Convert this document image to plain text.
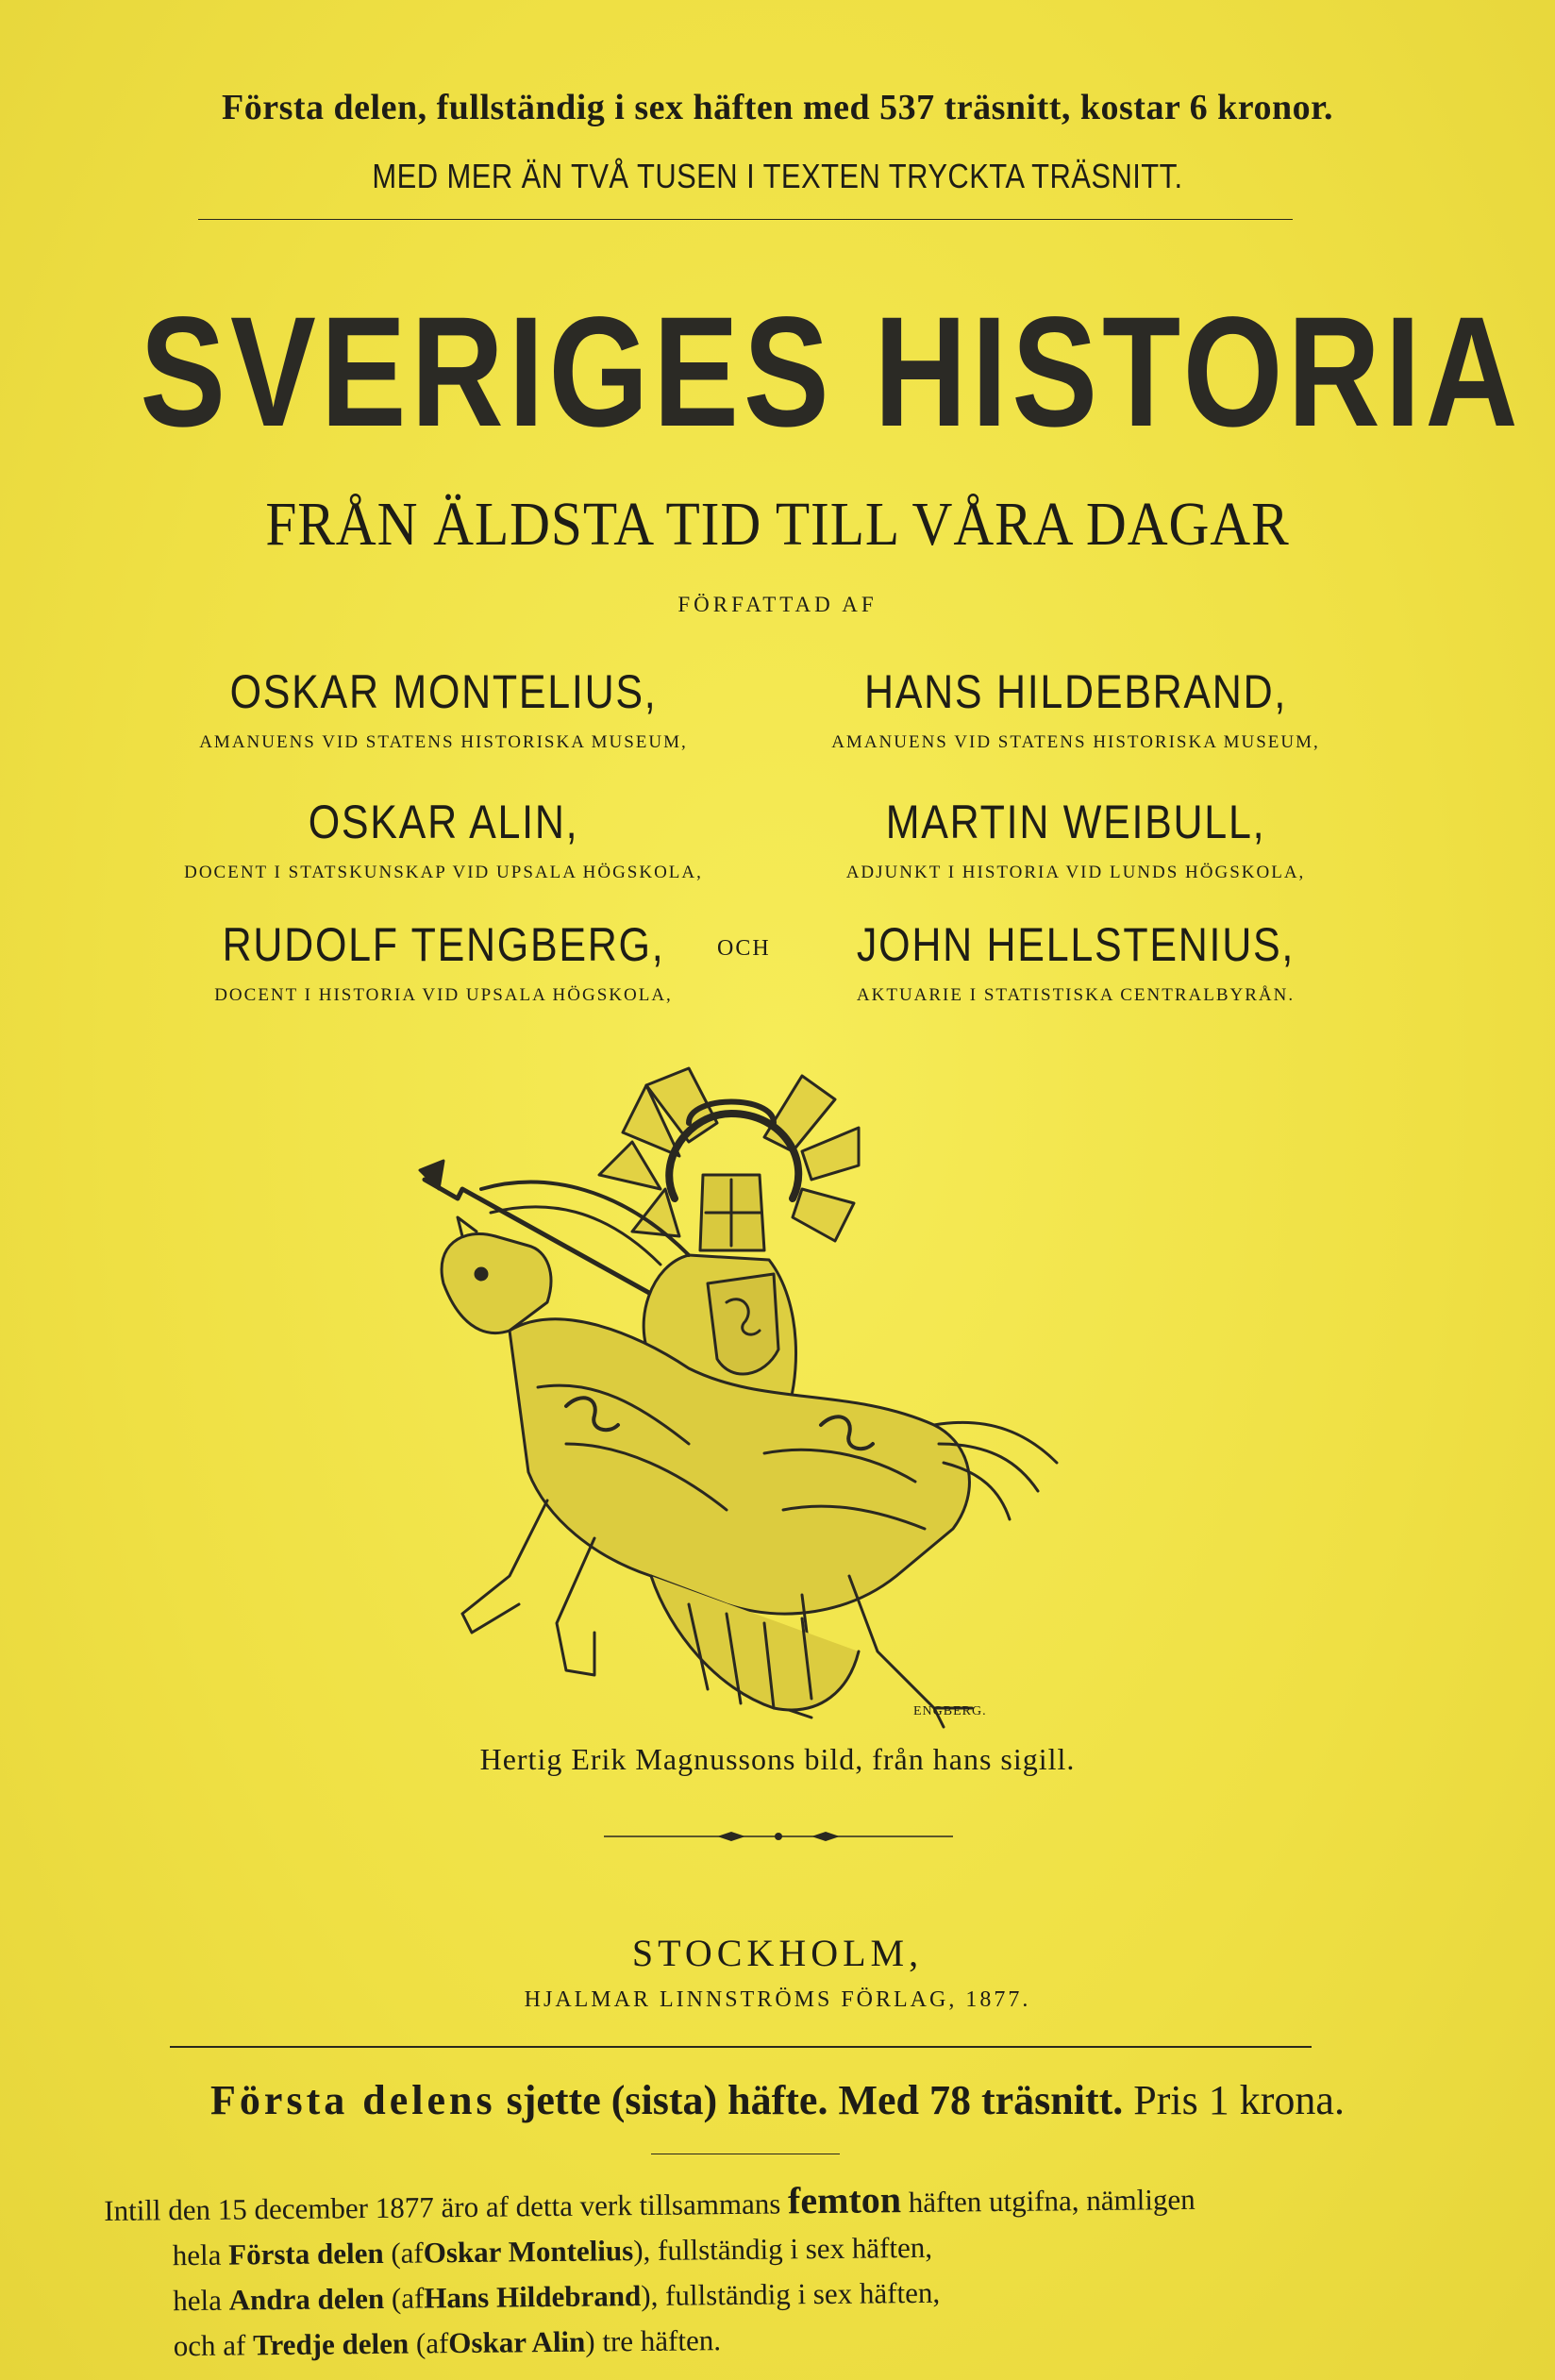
Första delen, fullständig i sex häften med 537 träsnitt, kostar 6 kronor.
MED MER ÄN TVÅ TUSEN I TEXTEN TRYCKTA TRÄSNITT.
SVERIGES HISTORIA
FRÅN ÄLDSTA TID TILL VÅRA DAGAR
FÖRFATTAD AF
OSKAR MONTELIUS,
AMANUENS VID STATENS HISTORISKA MUSEUM,
HANS HILDEBRAND,
AMANUENS VID STATENS HISTORISKA MUSEUM,
OSKAR ALIN,
DOCENT I STATSKUNSKAP VID UPSALA HÖGSKOLA,
MARTIN WEIBULL,
ADJUNKT I HISTORIA VID LUNDS HÖGSKOLA,
RUDOLF TENGBERG,
DOCENT I HISTORIA VID UPSALA HÖGSKOLA,
OCH	JOHN HELLSTENIUS,
AKTUARIE I STATISTISKA CENTRALBYRÅN.
ENGBERG.
Hertig Erik Magnussons bild, från hans sigill.
STOCKHOLM,
HJALMAR LINNSTRÖMS FÖRLAG, 1877.
Första delens sjette (sista) häfte. Med 78 träsnitt. Pris 1 krona.
Intill den 15 december 1877 äro af detta verk tillsammans femton häften utgifna, nämligen
hela Första delen (afOskar Montelius), fullständig i sex häften,
hela Andra delen (afHans Hildebrand), fullständig i sex häften,
och af Tredje delen (afOskar Alin) tre häften.
